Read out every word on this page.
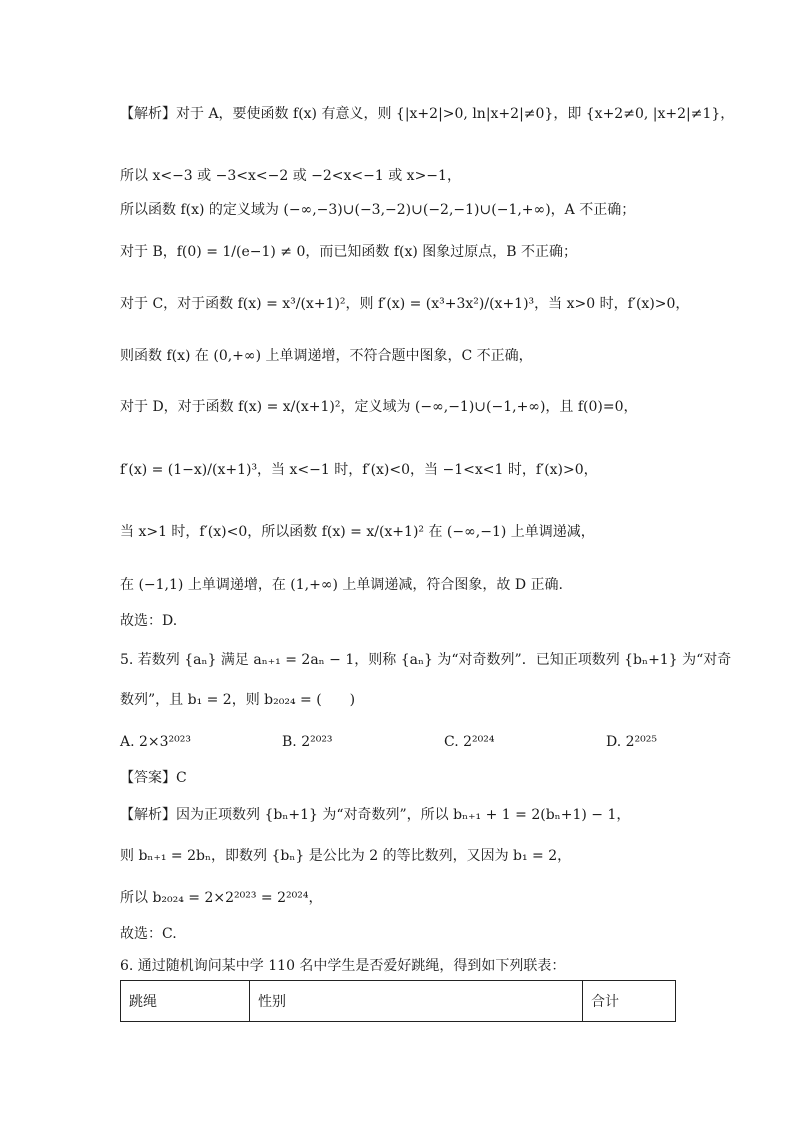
【解析】对于 A，要使函数 f(x) 有意义，则 {|x+2|>0, ln|x+2|≠0}，即 {x+2≠0, |x+2|≠1}，
所以 x<−3 或 −3<x<−2 或 −2<x<−1 或 x>−1，
所以函数 f(x) 的定义域为 (−∞,−3)∪(−3,−2)∪(−2,−1)∪(−1,+∞)，A 不正确；
对于 B，f(0) = 1/(e−1) ≠ 0，而已知函数 f(x) 图象过原点，B 不正确；
对于 C，对于函数 f(x) = x³/(x+1)²，则 f′(x) = (x³+3x²)/(x+1)³，当 x>0 时，f′(x)>0，
则函数 f(x) 在 (0,+∞) 上单调递增，不符合题中图象，C 不正确，
对于 D，对于函数 f(x) = x/(x+1)²，定义域为 (−∞,−1)∪(−1,+∞)，且 f(0)=0，
f′(x) = (1−x)/(x+1)³，当 x<−1 时，f′(x)<0，当 −1<x<1 时，f′(x)>0，
当 x>1 时，f′(x)<0，所以函数 f(x) = x/(x+1)² 在 (−∞,−1) 上单调递减，
在 (−1,1) 上单调递增，在 (1,+∞) 上单调递减，符合图象，故 D 正确.
故选：D.
5. 若数列 {aₙ} 满足 aₙ₊₁ = 2aₙ − 1，则称 {aₙ} 为“对奇数列”．已知正项数列 {bₙ+1} 为“对奇
数列”，且 b₁ = 2，则 b₂₀₂₄ = (　　)
A. 2×3²⁰²³	B. 2²⁰²³	C. 2²⁰²⁴	D. 2²⁰²⁵
【答案】C
【解析】因为正项数列 {bₙ+1} 为“对奇数列”，所以 bₙ₊₁ + 1 = 2(bₙ+1) − 1，
则 bₙ₊₁ = 2bₙ，即数列 {bₙ} 是公比为 2 的等比数列，又因为 b₁ = 2，
所以 b₂₀₂₄ = 2×2²⁰²³ = 2²⁰²⁴，
故选：C.
6. 通过随机询问某中学 110 名中学生是否爱好跳绳，得到如下列联表：
跳绳	性别	合计
